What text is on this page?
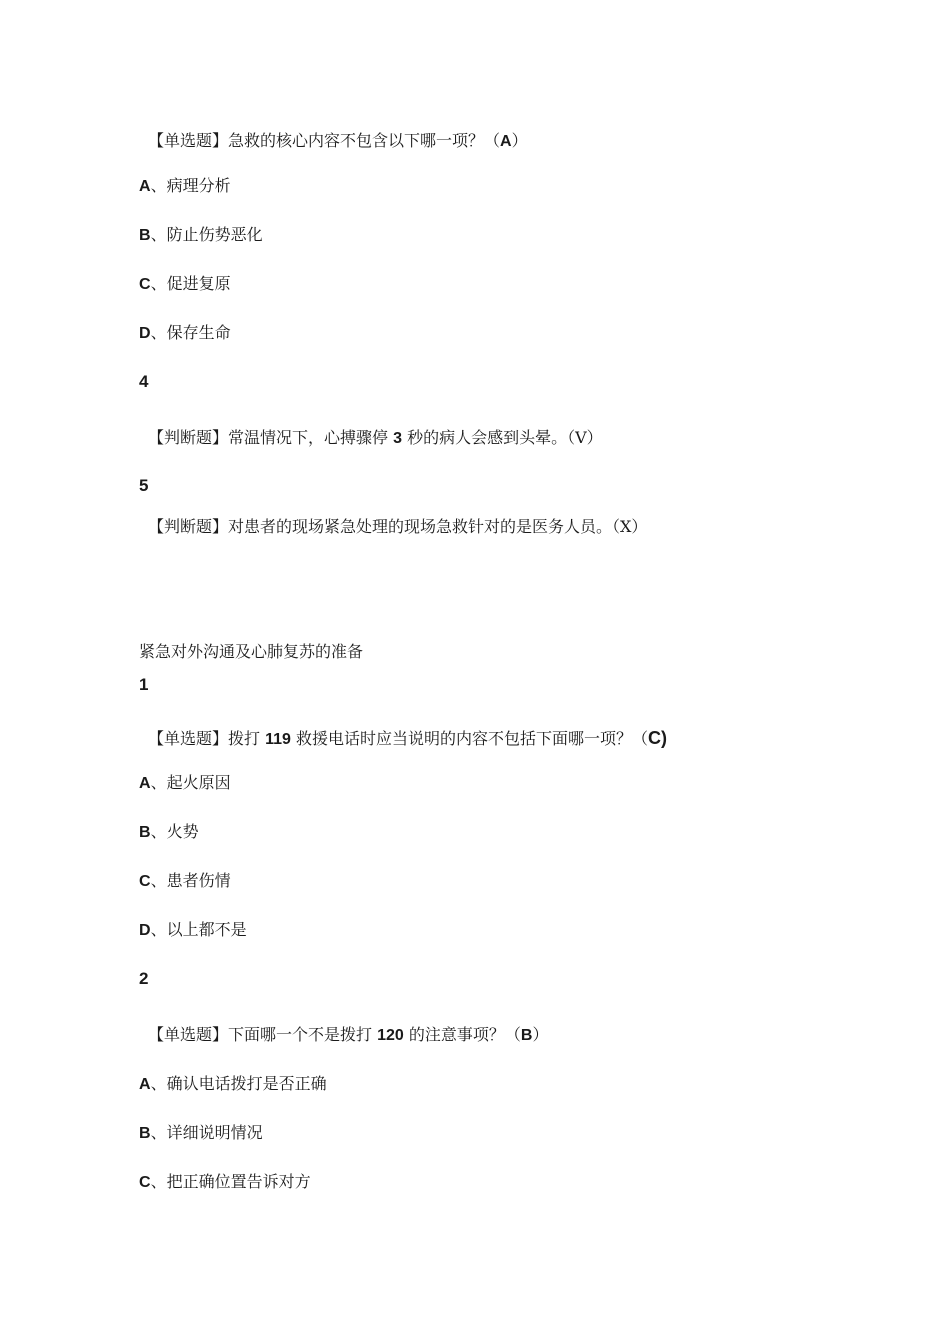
【单选题】急救的核心内容不包含以下哪一项？（A）
A、病理分析
B、防止伤势恶化
C、促进复原
D、保存生命
4
【判断题】常温情况下，心搏骤停 3 秒的病人会感到头晕。（V）
5
【判断题】对患者的现场紧急处理的现场急救针对的是医务人员。（X）
紧急对外沟通及心肺复苏的准备
1
【单选题】拨打 119 救援电话时应当说明的内容不包括下面哪一项？（C)
A、起火原因
B、火势
C、患者伤情
D、以上都不是
2
【单选题】下面哪一个不是拨打 120 的注意事项？（B）
A、确认电话拨打是否正确
B、详细说明情况
C、把正确位置告诉对方
